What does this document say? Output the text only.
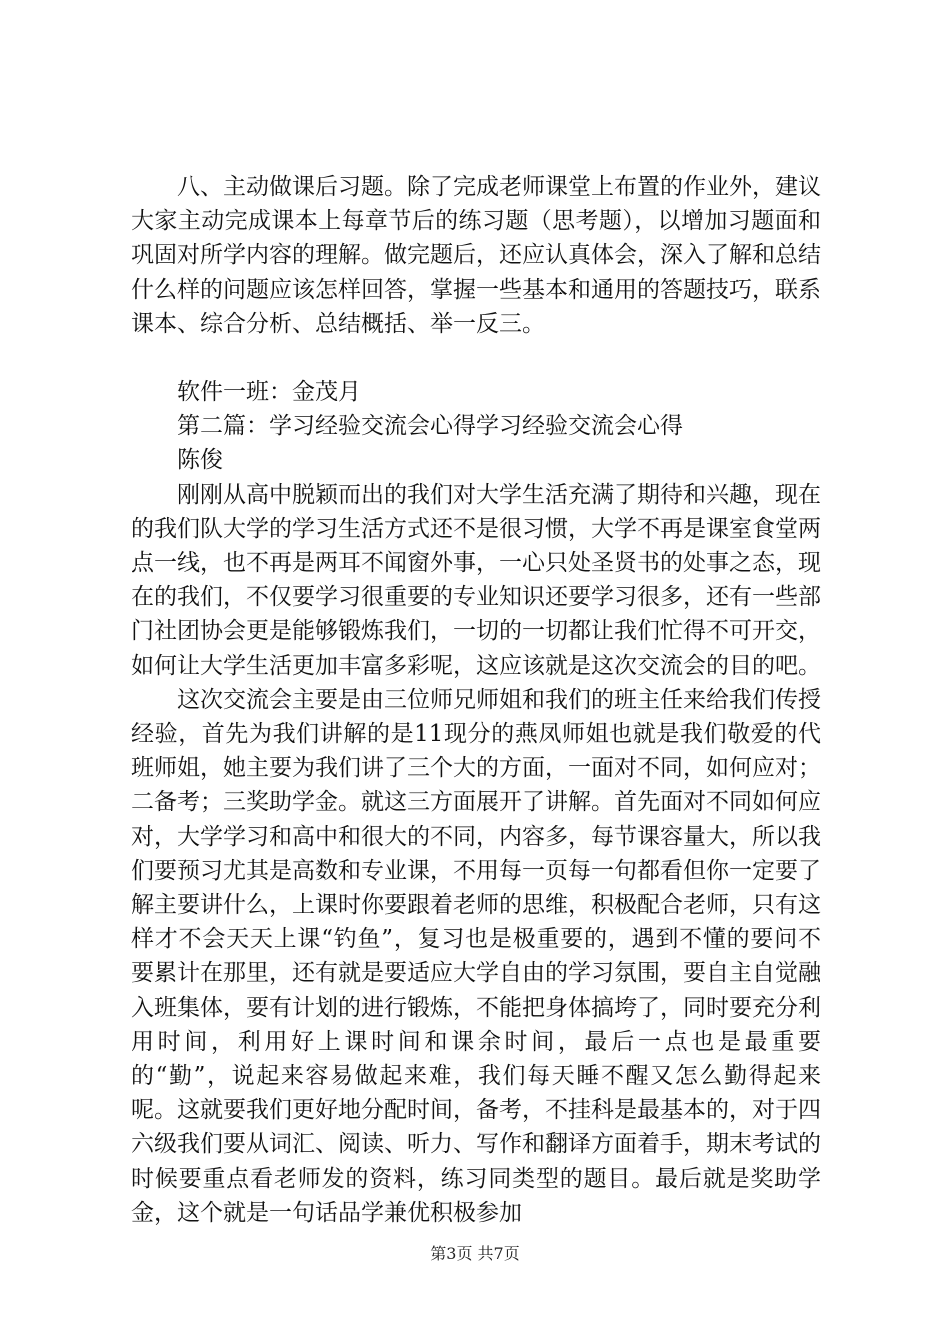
八、主动做课后习题。除了完成老师课堂上布置的作业外，建议大家主动完成课本上每章节后的练习题（思考题），以增加习题面和巩固对所学内容的理解。做完题后，还应认真体会，深入了解和总结什么样的问题应该怎样回答，掌握一些基本和通用的答题技巧，联系课本、综合分析、总结概括、举一反三。

软件一班：金茂月

第二篇：学习经验交流会心得学习经验交流会心得

陈俊

刚刚从高中脱颖而出的我们对大学生活充满了期待和兴趣，现在的我们队大学的学习生活方式还不是很习惯，大学不再是课室食堂两点一线，也不再是两耳不闻窗外事，一心只处圣贤书的处事之态，现在的我们，不仅要学习很重要的专业知识还要学习很多，还有一些部门社团协会更是能够锻炼我们，一切的一切都让我们忙得不可开交，如何让大学生活更加丰富多彩呢，这应该就是这次交流会的目的吧。

这次交流会主要是由三位师兄师姐和我们的班主任来给我们传授经验，首先为我们讲解的是11现分的燕凤师姐也就是我们敬爱的代班师姐，她主要为我们讲了三个大的方面，一面对不同，如何应对；二备考；三奖助学金。就这三方面展开了讲解。首先面对不同如何应对，大学学习和高中和很大的不同，内容多，每节课容量大，所以我们要预习尤其是高数和专业课，不用每一页每一句都看但你一定要了解主要讲什么，上课时你要跟着老师的思维，积极配合老师，只有这样才不会天天上课“钓鱼”，复习也是极重要的，遇到不懂的要问不要累计在那里，还有就是要适应大学自由的学习氛围，要自主自觉融入班集体，要有计划的进行锻炼，不能把身体搞垮了，同时要充分利用时间，利用好上课时间和课余时间，最后一点也是最重要的“勤”，说起来容易做起来难，我们每天睡不醒又怎么勤得起来呢。这就要我们更好地分配时间，备考，不挂科是最基本的，对于四六级我们要从词汇、阅读、听力、写作和翻译方面着手，期末考试的时候要重点看老师发的资料，练习同类型的题目。最后就是奖助学金，这个就是一句话品学兼优积极参加

第3页 共7页
